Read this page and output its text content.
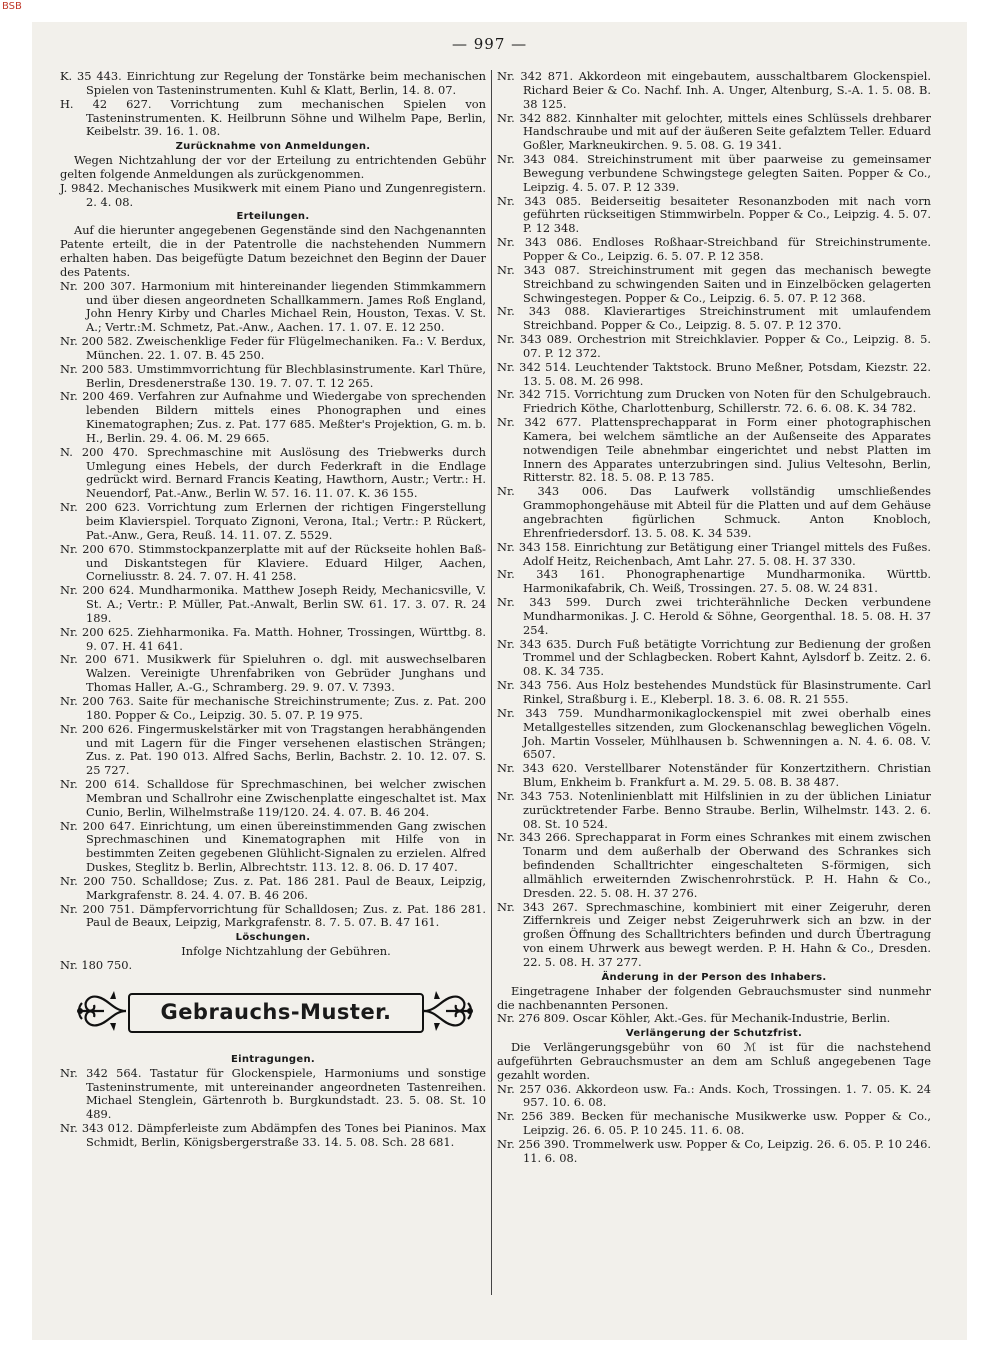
BSB
— 997 —

K. 35 443. Einrichtung zur Regelung der Tonstärke beim mechanischen Spielen von Tasteninstrumenten. Kuhl & Klatt, Berlin, 14. 8. 07.

H. 42 627. Vorrichtung zum mechanischen Spielen von Tasteninstrumenten. K. Heilbrunn Söhne und Wilhelm Pape, Berlin, Keibelstr. 39. 16. 1. 08.

Zurücknahme von Anmeldungen.

Wegen Nichtzahlung der vor der Erteilung zu entrichtenden Gebühr gelten folgende Anmeldungen als zurückgenommen.

J. 9842. Mechanisches Musikwerk mit einem Piano und Zungenregistern. 2. 4. 08.

Erteilungen.

Auf die hierunter angegebenen Gegenstände sind den Nachgenannten Patente erteilt, die in der Patentrolle die nachstehenden Nummern erhalten haben. Das beigefügte Datum bezeichnet den Beginn der Dauer des Patents.

Nr. 200 307. Harmonium mit hintereinander liegenden Stimmkammern und über diesen angeordneten Schallkammern. James Roß England, John Henry Kirby und Charles Michael Rein, Houston, Texas. V. St. A.; Vertr.:M. Schmetz, Pat.-Anw., Aachen. 17. 1. 07. E. 12 250.

Nr. 200 582. Zweischenklige Feder für Flügelmechaniken. Fa.: V. Berdux, München. 22. 1. 07. B. 45 250.

Nr. 200 583. Umstimmvorrichtung für Blechblasinstrumente. Karl Thüre, Berlin, Dresdenerstraße 130. 19. 7. 07. T. 12 265.

Nr. 200 469. Verfahren zur Aufnahme und Wiedergabe von sprechenden lebenden Bildern mittels eines Phonographen und eines Kinematographen; Zus. z. Pat. 177 685. Meßter's Projektion, G. m. b. H., Berlin. 29. 4. 06. M. 29 665.

N. 200 470. Sprechmaschine mit Auslösung des Triebwerks durch Umlegung eines Hebels, der durch Federkraft in die Endlage gedrückt wird. Bernard Francis Keating, Hawthorn, Austr.; Vertr.: H. Neuendorf, Pat.-Anw., Berlin W. 57. 16. 11. 07. K. 36 155.

Nr. 200 623. Vorrichtung zum Erlernen der richtigen Fingerstellung beim Klavierspiel. Torquato Zignoni, Verona, Ital.; Vertr.: P. Rückert, Pat.-Anw., Gera, Reuß. 14. 11. 07. Z. 5529.

Nr. 200 670. Stimmstockpanzerplatte mit auf der Rückseite hohlen Baß- und Diskantstegen für Klaviere. Eduard Hilger, Aachen, Corneliusstr. 8. 24. 7. 07. H. 41 258.

Nr. 200 624. Mundharmonika. Matthew Joseph Reidy, Mechanicsville, V. St. A.; Vertr.: P. Müller, Pat.-Anwalt, Berlin SW. 61. 17. 3. 07. R. 24 189.

Nr. 200 625. Ziehharmonika. Fa. Matth. Hohner, Trossingen, Württbg. 8. 9. 07. H. 41 641.

Nr. 200 671. Musikwerk für Spieluhren o. dgl. mit auswechselbaren Walzen. Vereinigte Uhrenfabriken von Gebrüder Junghans und Thomas Haller, A.-G., Schramberg. 29. 9. 07. V. 7393.

Nr. 200 763. Saite für mechanische Streichinstrumente; Zus. z. Pat. 200 180. Popper & Co., Leipzig. 30. 5. 07. P. 19 975.

Nr. 200 626. Fingermuskelstärker mit von Tragstangen herabhängenden und mit Lagern für die Finger versehenen elastischen Strängen; Zus. z. Pat. 190 013. Alfred Sachs, Berlin, Bachstr. 2. 10. 12. 07. S. 25 727.

Nr. 200 614. Schalldose für Sprechmaschinen, bei welcher zwischen Membran und Schallrohr eine Zwischenplatte eingeschaltet ist. Max Cunio, Berlin, Wilhelmstraße 119/120. 24. 4. 07. B. 46 204.

Nr. 200 647. Einrichtung, um einen übereinstimmenden Gang zwischen Sprechmaschinen und Kinematographen mit Hilfe von in bestimmten Zeiten gegebenen Glühlicht-Signalen zu erzielen. Alfred Duskes, Steglitz b. Berlin, Albrechtstr. 113. 12. 8. 06. D. 17 407.

Nr. 200 750. Schalldose; Zus. z. Pat. 186 281. Paul de Beaux, Leipzig, Markgrafenstr. 8. 24. 4. 07. B. 46 206.

Nr. 200 751. Dämpfervorrichtung für Schalldosen; Zus. z. Pat. 186 281. Paul de Beaux, Leipzig, Markgrafenstr. 8. 7. 5. 07. B. 47 161.

Löschungen.

Infolge Nichtzahlung der Gebühren.

Nr. 180 750.

Gebrauchs-Muster.

Eintragungen.

Nr. 342 564. Tastatur für Glockenspiele, Harmoniums und sonstige Tasteninstrumente, mit untereinander angeordneten Tastenreihen. Michael Stenglein, Gärtenroth b. Burgkundstadt. 23. 5. 08. St. 10 489.

Nr. 343 012. Dämpferleiste zum Abdämpfen des Tones bei Pianinos. Max Schmidt, Berlin, Königsbergerstraße 33. 14. 5. 08. Sch. 28 681.

Nr. 342 871. Akkordeon mit eingebautem, ausschaltbarem Glockenspiel. Richard Beier & Co. Nachf. Inh. A. Unger, Altenburg, S.-A. 1. 5. 08. B. 38 125.

Nr. 342 882. Kinnhalter mit gelochter, mittels eines Schlüssels drehbarer Handschraube und mit auf der äußeren Seite gefalztem Teller. Eduard Goßler, Markneukirchen. 9. 5. 08. G. 19 341.

Nr. 343 084. Streichinstrument mit über paarweise zu gemeinsamer Bewegung verbundene Schwingstege gelegten Saiten. Popper & Co., Leipzig. 4. 5. 07. P. 12 339.

Nr. 343 085. Beiderseitig besaiteter Resonanzboden mit nach vorn geführten rückseitigen Stimmwirbeln. Popper & Co., Leipzig. 4. 5. 07. P. 12 348.

Nr. 343 086. Endloses Roßhaar-Streichband für Streichinstrumente. Popper & Co., Leipzig. 6. 5. 07. P. 12 358.

Nr. 343 087. Streichinstrument mit gegen das mechanisch bewegte Streichband zu schwingenden Saiten und in Einzelböcken gelagerten Schwingestegen. Popper & Co., Leipzig. 6. 5. 07. P. 12 368.

Nr. 343 088. Klavierartiges Streichinstrument mit umlaufendem Streichband. Popper & Co., Leipzig. 8. 5. 07. P. 12 370.

Nr. 343 089. Orchestrion mit Streichklavier. Popper & Co., Leipzig. 8. 5. 07. P. 12 372.

Nr. 342 514. Leuchtender Taktstock. Bruno Meßner, Potsdam, Kiezstr. 22. 13. 5. 08. M. 26 998.

Nr. 342 715. Vorrichtung zum Drucken von Noten für den Schulgebrauch. Friedrich Köthe, Charlottenburg, Schillerstr. 72. 6. 6. 08. K. 34 782.

Nr. 342 677. Plattensprechapparat in Form einer photographischen Kamera, bei welchem sämtliche an der Außenseite des Apparates notwendigen Teile abnehmbar eingerichtet und nebst Platten im Innern des Apparates unterzubringen sind. Julius Veltesohn, Berlin, Ritterstr. 82. 18. 5. 08. P. 13 785.

Nr. 343 006. Das Laufwerk vollständig umschließendes Grammophongehäuse mit Abteil für die Platten und auf dem Gehäuse angebrachten figürlichen Schmuck. Anton Knobloch, Ehrenfriedersdorf. 13. 5. 08. K. 34 539.

Nr. 343 158. Einrichtung zur Betätigung einer Triangel mittels des Fußes. Adolf Heitz, Reichenbach, Amt Lahr. 27. 5. 08. H. 37 330.

Nr. 343 161. Phonographenartige Mundharmonika. Württb. Harmonikafabrik, Ch. Weiß, Trossingen. 27. 5. 08. W. 24 831.

Nr. 343 599. Durch zwei trichterähnliche Decken verbundene Mundharmonikas. J. C. Herold & Söhne, Georgenthal. 18. 5. 08. H. 37 254.

Nr. 343 635. Durch Fuß betätigte Vorrichtung zur Bedienung der großen Trommel und der Schlagbecken. Robert Kahnt, Aylsdorf b. Zeitz. 2. 6. 08. K. 34 735.

Nr. 343 756. Aus Holz bestehendes Mundstück für Blasinstrumente. Carl Rinkel, Straßburg i. E., Kleberpl. 18. 3. 6. 08. R. 21 555.

Nr. 343 759. Mundharmonikaglockenspiel mit zwei oberhalb eines Metallgestelles sitzenden, zum Glockenanschlag beweglichen Vögeln. Joh. Martin Vosseler, Mühlhausen b. Schwenningen a. N. 4. 6. 08. V. 6507.

Nr. 343 620. Verstellbarer Notenständer für Konzertzithern. Christian Blum, Enkheim b. Frankfurt a. M. 29. 5. 08. B. 38 487.

Nr. 343 753. Notenliniеnblatt mit Hilfslinien in zu der üblichen Liniatur zurücktretender Farbe. Benno Straube. Berlin, Wilhelmstr. 143. 2. 6. 08. St. 10 524.

Nr. 343 266. Sprechapparat in Form eines Schrankes mit einem zwischen Tonarm und dem außerhalb der Oberwand des Schrankes sich befindenden Schalltrichter eingeschalteten S-förmigen, sich allmählich erweiternden Zwischenrohrstück. P. H. Hahn & Co., Dresden. 22. 5. 08. H. 37 276.

Nr. 343 267. Sprechmaschine, kombiniert mit einer Zeigeruhr, deren Ziffernkreis und Zeiger nebst Zeigeruhrwerk sich an bzw. in der großen Öffnung des Schalltrichters befinden und durch Übertragung von einem Uhrwerk aus bewegt werden. P. H. Hahn & Co., Dresden. 22. 5. 08. H. 37 277.

Änderung in der Person des Inhabers.

Eingetragene Inhaber der folgenden Gebrauchsmuster sind nunmehr die nachbenannten Personen.

Nr. 276 809. Oscar Köhler, Akt.-Ges. für Mechanik-Industrie, Berlin.

Verlängerung der Schutzfrist.

Die Verlängerungsgebühr von 60 ℳ ist für die nachstehend aufgeführten Gebrauchsmuster an dem am Schluß angegebenen Tage gezahlt worden.

Nr. 257 036. Akkordeon usw. Fa.: Ands. Koch, Trossingen. 1. 7. 05. K. 24 957. 10. 6. 08.

Nr. 256 389. Becken für mechanische Musikwerke usw. Popper & Co., Leipzig. 26. 6. 05. P. 10 245. 11. 6. 08.

Nr. 256 390. Trommelwerk usw. Popper & Co, Leipzig. 26. 6. 05. P. 10 246. 11. 6. 08.
